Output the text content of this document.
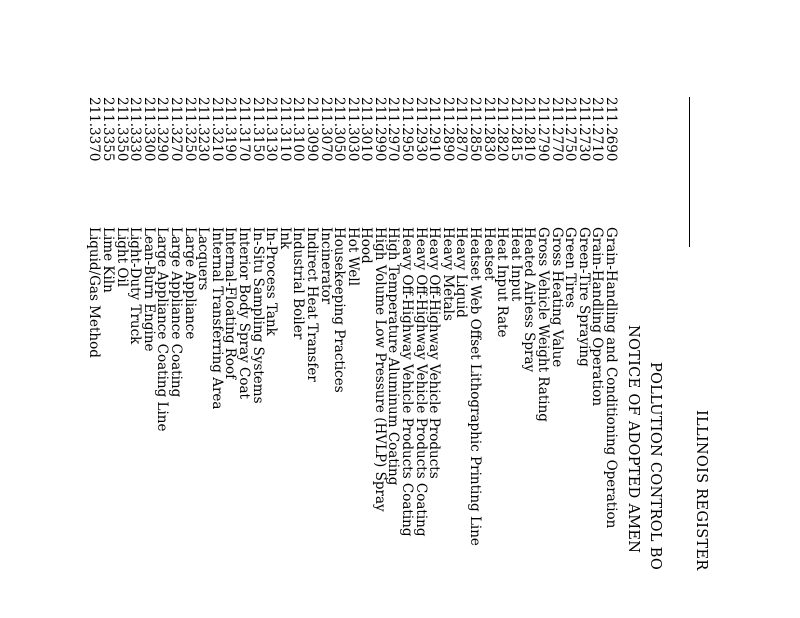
ILLINOIS REGISTER
POLLUTION CONTROL BO
NOTICE OF ADOPTED AMEN
211.2690
211.2710
211.2730
211.2750
211.2770
211.2790
211.2810
211.2815
211.2820
211.2830
211.2850
211.2870
211.2890
211.2910
211.2930
211.2950
211.2970
211.2990
211.3010
211.3030
211.3050
211.3070
211.3090
211.3100
211.3110
211.3130
211.3150
211.3170
211.3190
211.3210
211.3230
211.3250
211.3270
211.3290
211.3300
211.3330
211.3350
211.3355
211.3370
Grain-Handling and Conditioning Operation
Grain-Handling Operation
Green-Tire Spraying
Green Tires
Gross Heating Value
Gross Vehicle Weight Rating
Heated Airless Spray
Heat Input
Heat Input Rate
Heatset
Heatset Web Offset Lithographic Printing Line
Heavy Liquid
Heavy Metals
Heavy Off-Highway Vehicle Products
Heavy Off-Highway Vehicle Products Coating
Heavy Off-Highway Vehicle Products Coating
High Temperature Aluminum Coating
High Volume Low Pressure (HVLP) Spray
Hood
Hot Well
Housekeeping Practices
Incinerator
Indirect Heat Transfer
Industrial Boiler
Ink
In-Process Tank
In-Situ Sampling Systems
Interior Body Spray Coat
Internal-Floating Roof
Internal Transferring Area
Lacquers
Large Appliance
Large Appliance Coating
Large Appliance Coating Line
Lean-Burn Engine
Light-Duty Truck
Light Oil
Lime Kiln
Liquid/Gas Method
